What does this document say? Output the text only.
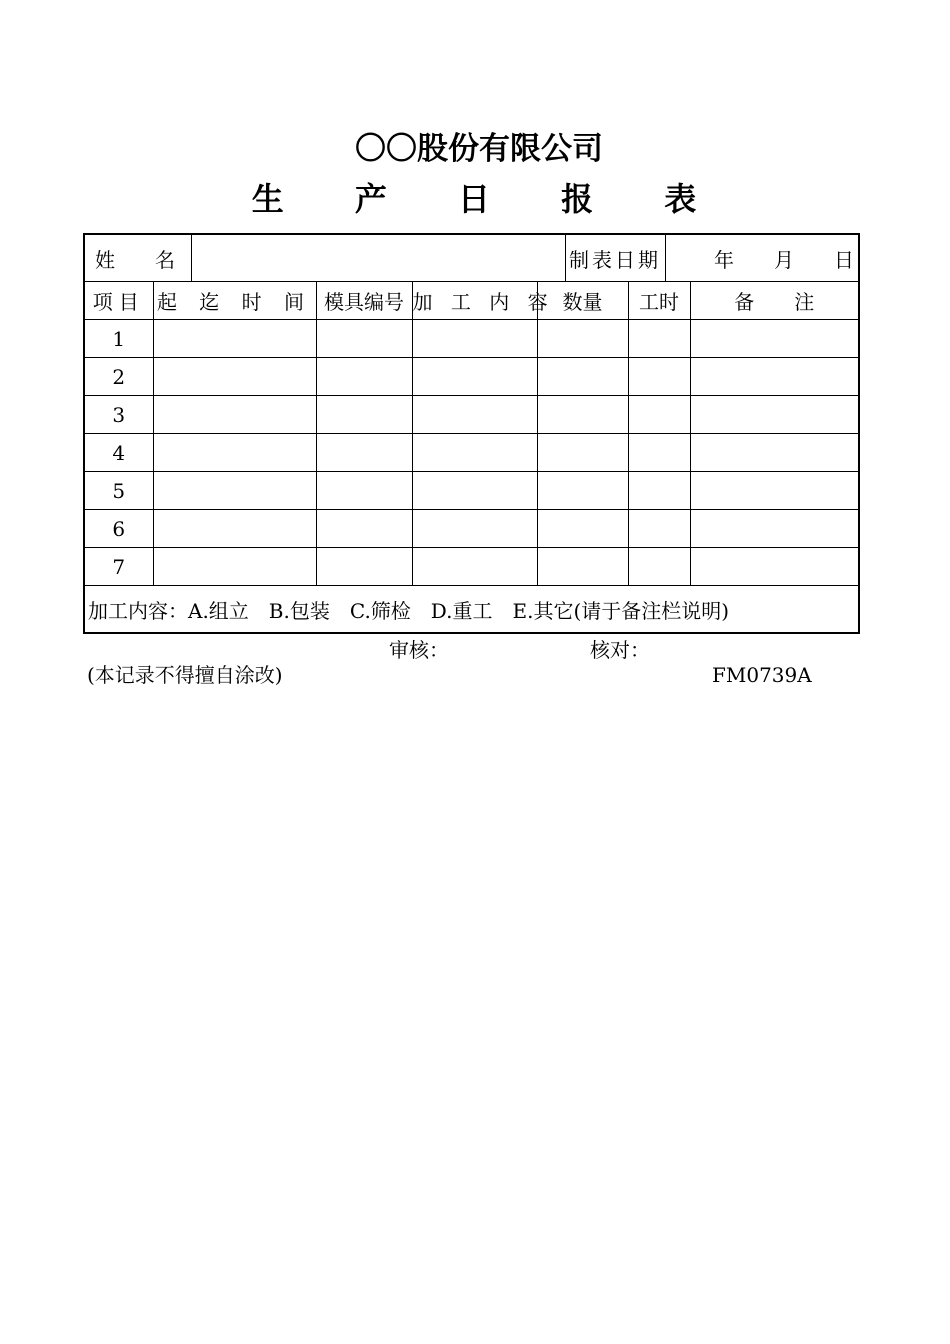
〇〇股份有限公司
生 产 日 报 表
姓　　名						制表日期		年　　月　　日	
项目	起 迄 时 间		模具编号	加 工 内 容	数量		工时		备　　注
1									
2									
3									
4									
5									
6									
7									
加工内容：A.组立　B.包装　C.筛检　D.重工　E.其它(请于备注栏说明)									
审核：	核对：
(本记录不得擅自涂改)	FM0739A
